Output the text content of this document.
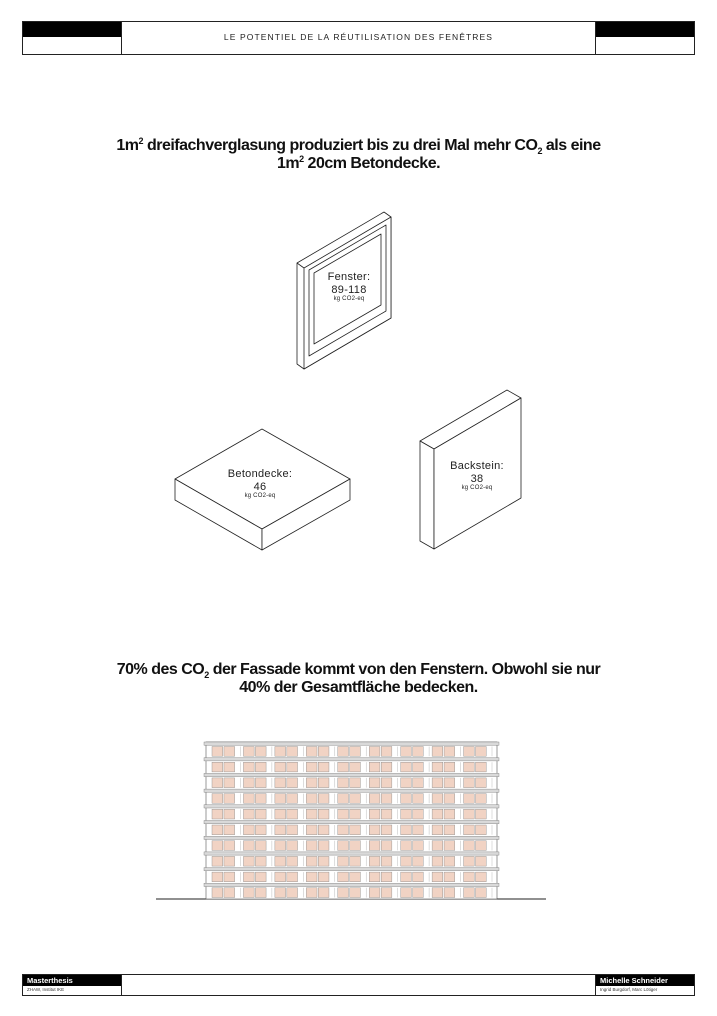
LE POTENTIEL DE LA RÉUTILISATION DES FENÊTRES
$1m^2$ dreifachverglasung produziert bis zu drei Mal mehr $CO_2$ als eine
$1m^2$ 20cm Betondecke.
Fenster:
89-118
kg CO2-eq
Betondecke:
46
kg CO2-eq
Backstein:
38
kg CO2-eq
70% des $CO_2$ der Fassade kommt von den Fenstern. Obwohl sie nur
40% der Gesamtfläche bedecken.
Masterthesis	Michelle Schneider
ZHAW, Institut IKE	Ingrid Burgdorf, Marc Lötiger
